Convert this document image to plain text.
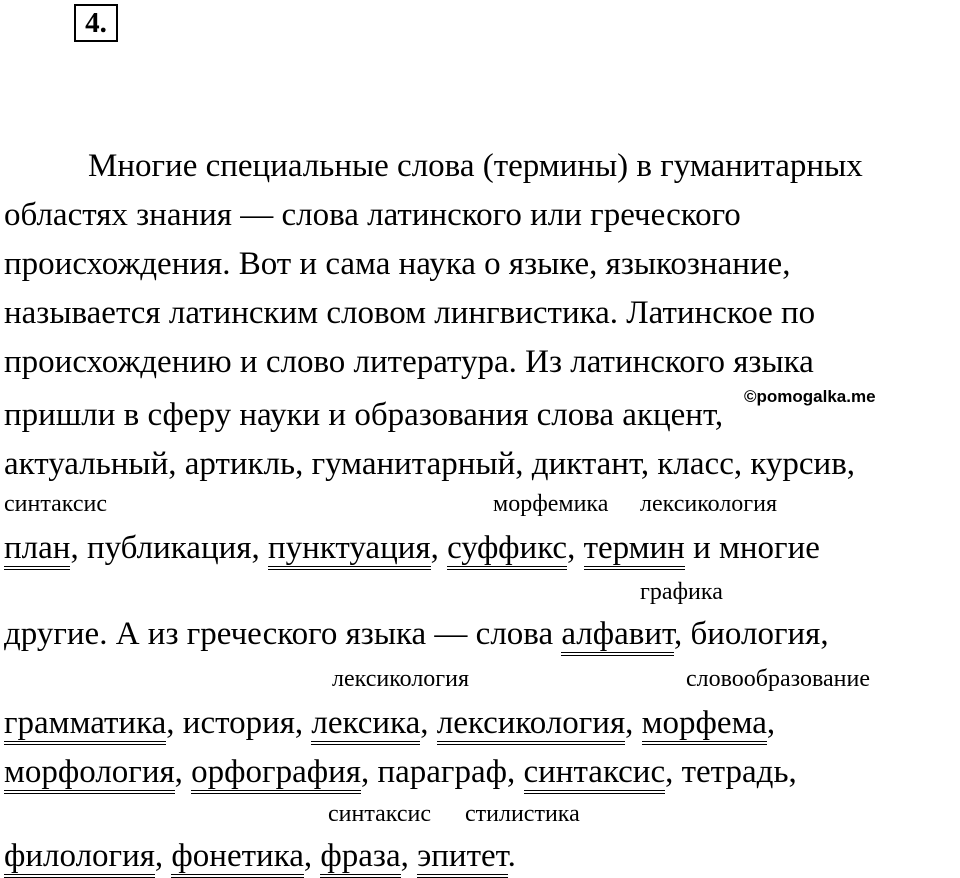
4.
Многие специальные слова (термины) в гуманитарных
областях знания — слова латинского или греческого
происхождения. Вот и сама наука о языке, языкознание,
называется латинским словом лингвистика. Латинское по
происхождению и слово литература. Из латинского языка
пришли в сферу науки и образования слова акцент,
©pomogalka.me
актуальный, артикль, гуманитарный, диктант, класс, курсив,
синтаксис	морфемика лексикология
план, публикация, пунктуация, суффикс, термин и многие
графика
другие. А из греческого языка — слова алфавит, биология,
лексикология	словообразование
грамматика, история, лексика, лексикология, морфема,
морфология, орфография, параграф, синтаксис, тетрадь,
синтаксис стилистика
филология, фонетика, фраза, эпитет.
